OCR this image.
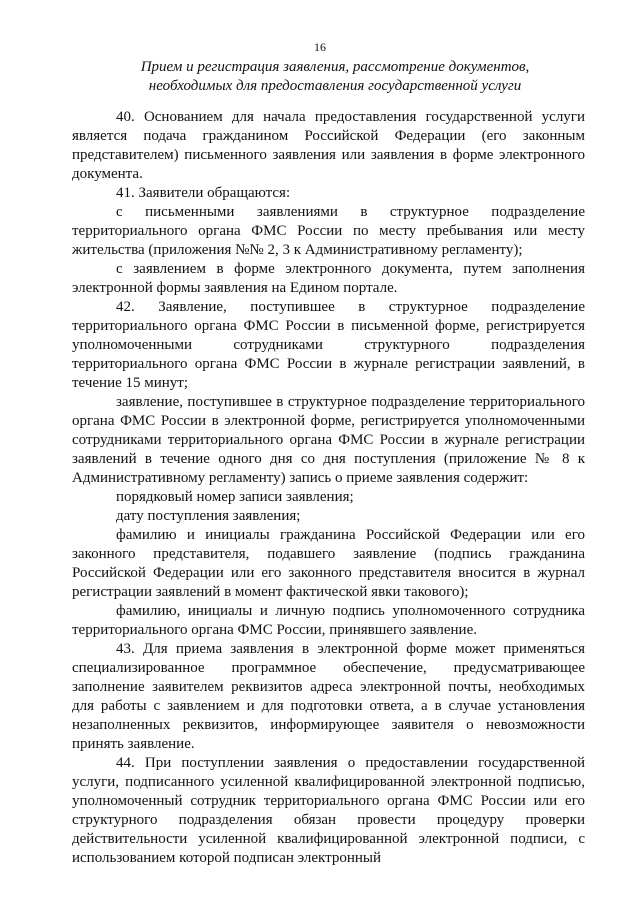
16
Прием и регистрация заявления, рассмотрение документов,
необходимых для предоставления государственной услуги

40. Основанием для начала предоставления государственной услуги является подача гражданином Российской Федерации (его законным представителем) письменного заявления или заявления в форме электронного документа.

41. Заявители обращаются:

с письменными заявлениями в структурное подразделение территориального органа ФМС России по месту пребывания или месту жительства (приложения №№ 2, 3 к Административному регламенту);

с заявлением в форме электронного документа, путем заполнения электронной формы заявления на Едином портале.

42. Заявление, поступившее в структурное подразделение территориального органа ФМС России в письменной форме, регистрируется уполномоченными сотрудниками структурного подразделения территориального органа ФМС России в журнале регистрации заявлений, в течение 15 минут;

заявление, поступившее в структурное подразделение территориального органа ФМС России в электронной форме, регистрируется уполномоченными сотрудниками территориального органа ФМС России в журнале регистрации заявлений в течение одного дня со дня поступления (приложение № 8 к Административному регламенту) запись о приеме заявления содержит:

порядковый номер записи заявления;

дату поступления заявления;

фамилию и инициалы гражданина Российской Федерации или его законного представителя, подавшего заявление (подпись гражданина Российской Федерации или его законного представителя вносится в журнал регистрации заявлений в момент фактической явки такового);

фамилию, инициалы и личную подпись уполномоченного сотрудника территориального органа ФМС России, принявшего заявление.

43. Для приема заявления в электронной форме может применяться специализированное программное обеспечение, предусматривающее заполнение заявителем реквизитов адреса электронной почты, необходимых для работы с заявлением и для подготовки ответа, а в случае установления незаполненных реквизитов, информирующее заявителя о невозможности принять заявление.

44. При поступлении заявления о предоставлении государственной услуги, подписанного усиленной квалифицированной электронной подписью, уполномоченный сотрудник территориального органа ФМС России или его структурного подразделения обязан провести процедуру проверки действительности усиленной квалифицированной электронной подписи, с использованием которой подписан электронный
